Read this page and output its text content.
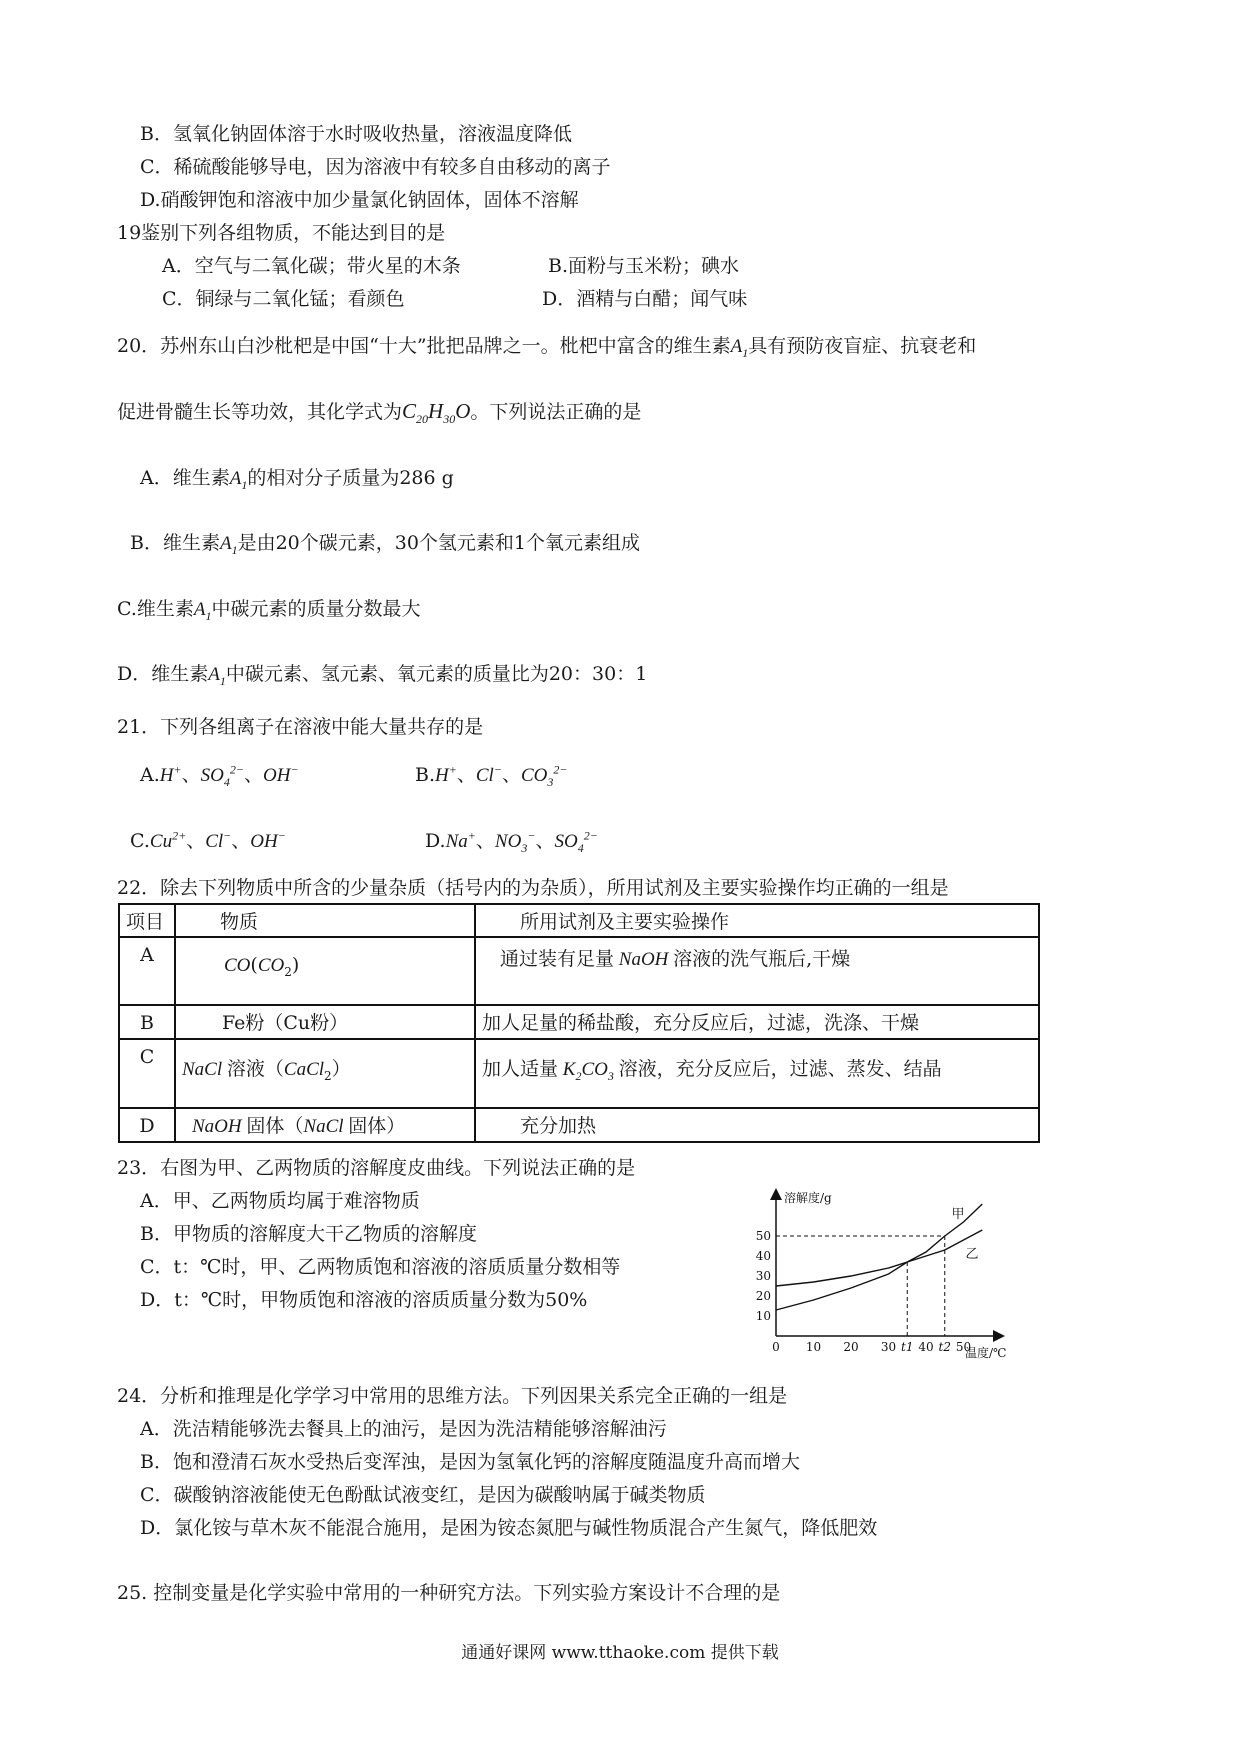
B．氢氧化钠固体溶于水时吸收热量，溶液温度降低
C．稀硫酸能够导电，因为溶液中有较多自由移动的离子
D.硝酸钾饱和溶液中加少量氯化钠固体，固体不溶解
19鉴别下列各组物质，不能达到目的是
A．空气与二氧化碳；带火星的木条	B.面粉与玉米粉；碘水
C．铜绿与二氧化锰；看颜色	D．酒精与白醋；闻气味
20．苏州东山白沙枇杷是中国“十大”批把品牌之一。枇杷中富含的维生素$A_1$具有预防夜盲症、抗衰老和
促进骨髓生长等功效，其化学式为$C_{20}H_{30}O$。下列说法正确的是
A．维生素$A_1$的相对分子质量为286 g
B．维生素$A_1$是由20个碳元素，30个氢元素和1个氧元素组成
C.维生素$A_1$中碳元素的质量分数最大
D．维生素$A_1$中碳元素、氢元素、氧元素的质量比为20：30：1
21．下列各组离子在溶液中能大量共存的是
A.H+、$SO_4^{2-}$、OH−	B.H+、Cl−、$CO_3^{2-}$
$C.Cu^{2+}$、Cl−、OH−	D.Na+、$NO_3^-$、$SO_4^{2-}$
22．除去下列物质中所含的少量杂质（括号内的为杂质），所用试剂及主要实验操作均正确的一组是
项目	物质	所用试剂及主要实验操作
A	$CO(CO_2)$	通过装有足量 NaOH 溶液的洗气瓶后,干燥
B	Fe粉（Cu粉）	加人足量的稀盐酸，充分反应后，过滤，洗涤、干燥
C	NaCl 溶液（CaCl$_2$）	加人适量 $K_2CO_3$ 溶液，充分反应后，过滤、蒸发、结晶
D	NaOH 固体（NaCl 固体）	充分加热
23．右图为甲、乙两物质的溶解度皮曲线。下列说法正确的是
A．甲、乙两物质均属于难溶物质
B．甲物质的溶解度大干乙物质的溶解度
C．t：℃时，甲、乙两物质饱和溶液的溶质质量分数相等
D．t：℃时，甲物质饱和溶液的溶质质量分数为50%
溶解度/g
温度/℃
0 10 20 30 t1 40 t2 50
10
20
30
40
50
甲
乙
24．分析和推理是化学学习中常用的思维方法。下列因果关系完全正确的一组是
A．洗洁精能够洗去餐具上的油污，是因为洗洁精能够溶解油污
B．饱和澄清石灰水受热后变浑浊，是因为氢氧化钙的溶解度随温度升高而增大
C．碳酸钠溶液能使无色酚酞试液变红，是因为碳酸呐属于碱类物质
D．氯化铵与草木灰不能混合施用，是困为铵态氮肥与碱性物质混合产生氮气，降低肥效
25. 控制变量是化学实验中常用的一种研究方法。下列实验方案设计不合理的是
通通好课网 www.tthaoke.com 提供下载
